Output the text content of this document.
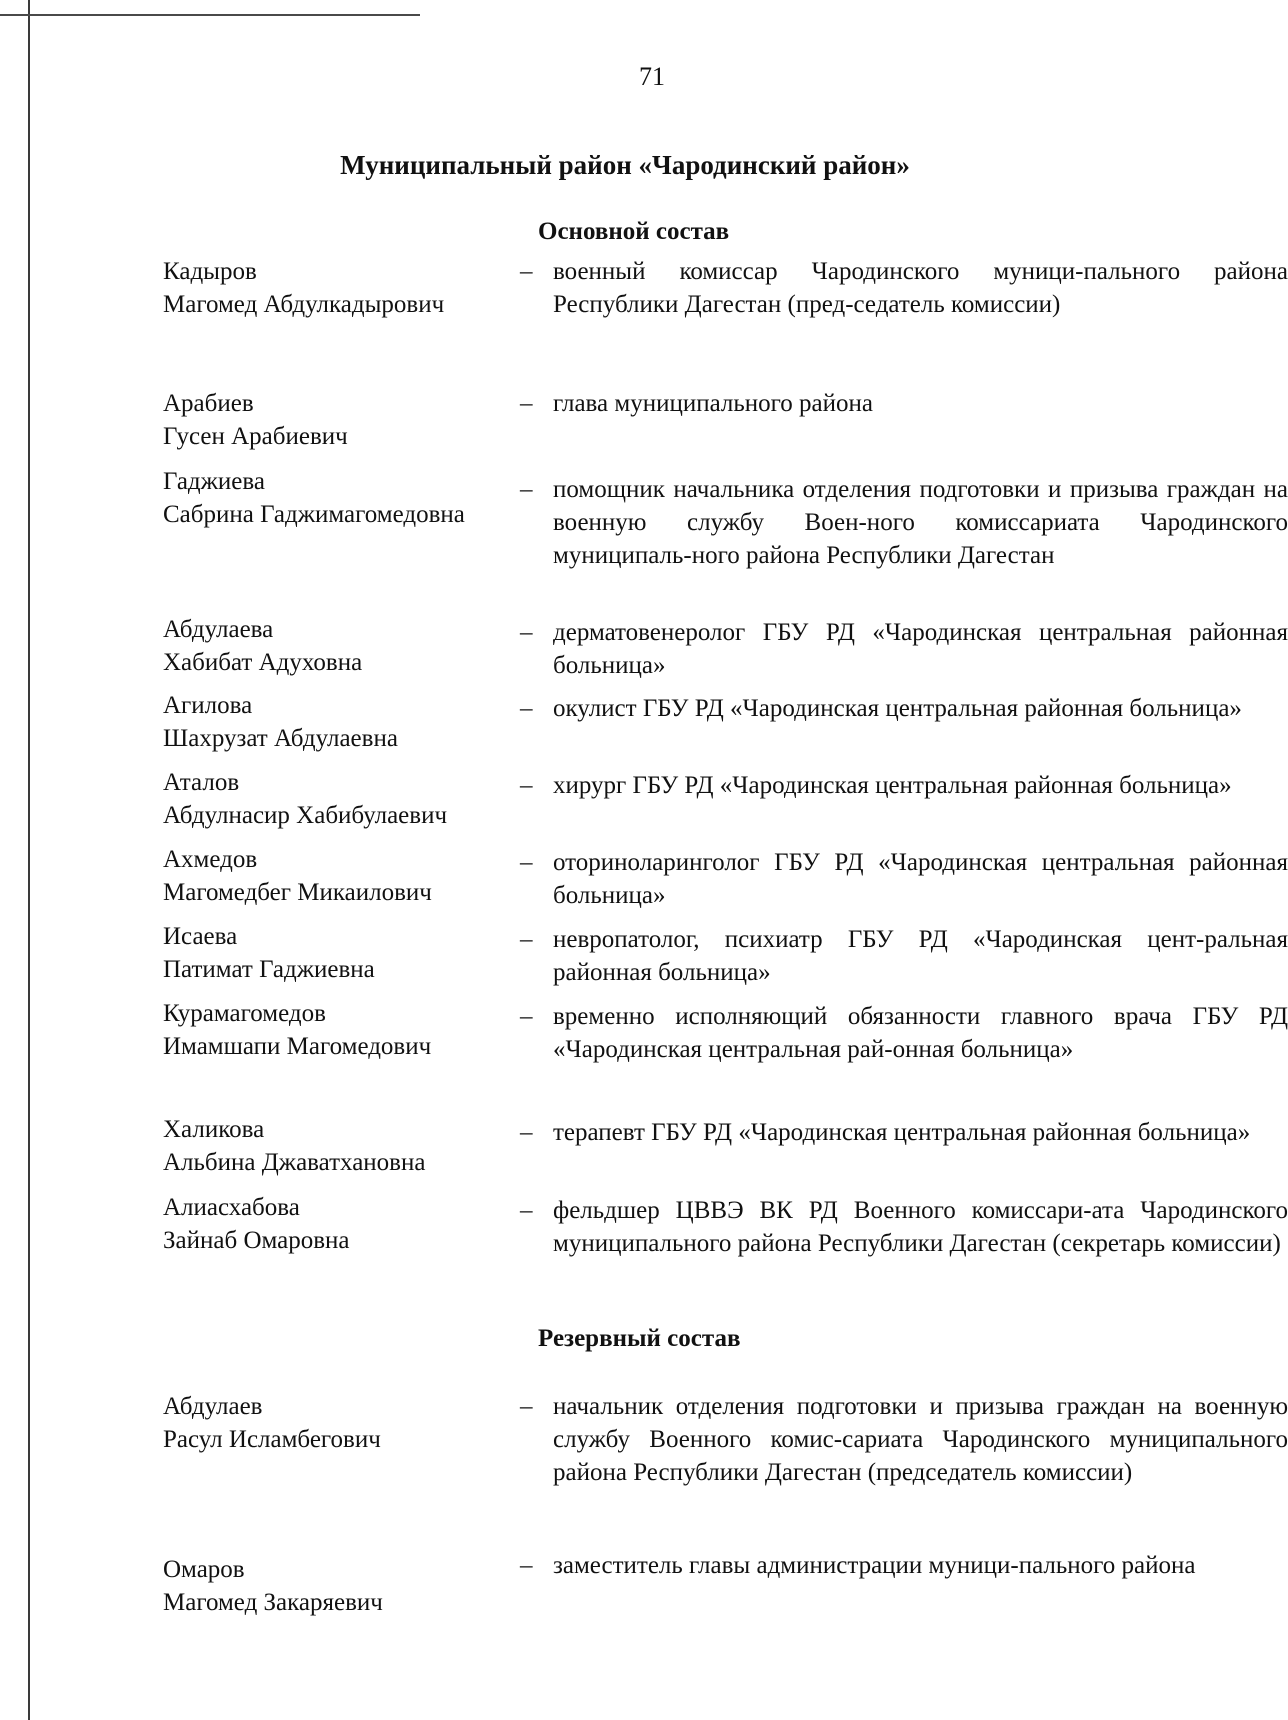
71
Муниципальный район «Чародинский район»
Основной состав
Кадыров
Магомед Абдулкадырович
– военный комиссар Чародинского муници-пального района Республики Дагестан (пред-седатель комиссии)
Арабиев
Гусен Арабиевич
– глава муниципального района
Гаджиева
Сабрина Гаджимагомедовна
– помощник начальника отделения подготовки и призыва граждан на военную службу Воен-ного комиссариата Чародинского муниципаль-ного района Республики Дагестан
Абдулаева
Хабибат Адуховна
– дерматовенеролог ГБУ РД «Чародинская центральная районная больница»
Агилова
Шахрузат Абдулаевна
– окулист ГБУ РД «Чародинская центральная районная больница»
Аталов
Абдулнасир Хабибулаевич
– хирург ГБУ РД «Чародинская центральная районная больница»
Ахмедов
Магомедбег Микаилович
– оториноларинголог ГБУ РД «Чародинская центральная районная больница»
Исаева
Патимат Гаджиевна
– невропатолог, психиатр ГБУ РД «Чародинская цент-ральная районная больница»
Курамагомедов
Имамшапи Магомедович
– временно исполняющий обязанности главного врача ГБУ РД «Чародинская центральная рай-онная больница»
Халикова
Альбина Джаватхановна
– терапевт ГБУ РД «Чародинская центральная районная больница»
Алиасхабова
Зайнаб Омаровна
– фельдшер ЦВВЭ ВК РД Военного комиссари-ата Чародинского муниципального района Республики Дагестан (секретарь комиссии)
Резервный состав
Абдулаев
Расул Исламбегович
– начальник отделения подготовки и призыва граждан на военную службу Военного комис-сариата Чародинского муниципального района Республики Дагестан (председатель комиссии)
Омаров
Магомед Закаряевич
– заместитель главы администрации муници-пального района
